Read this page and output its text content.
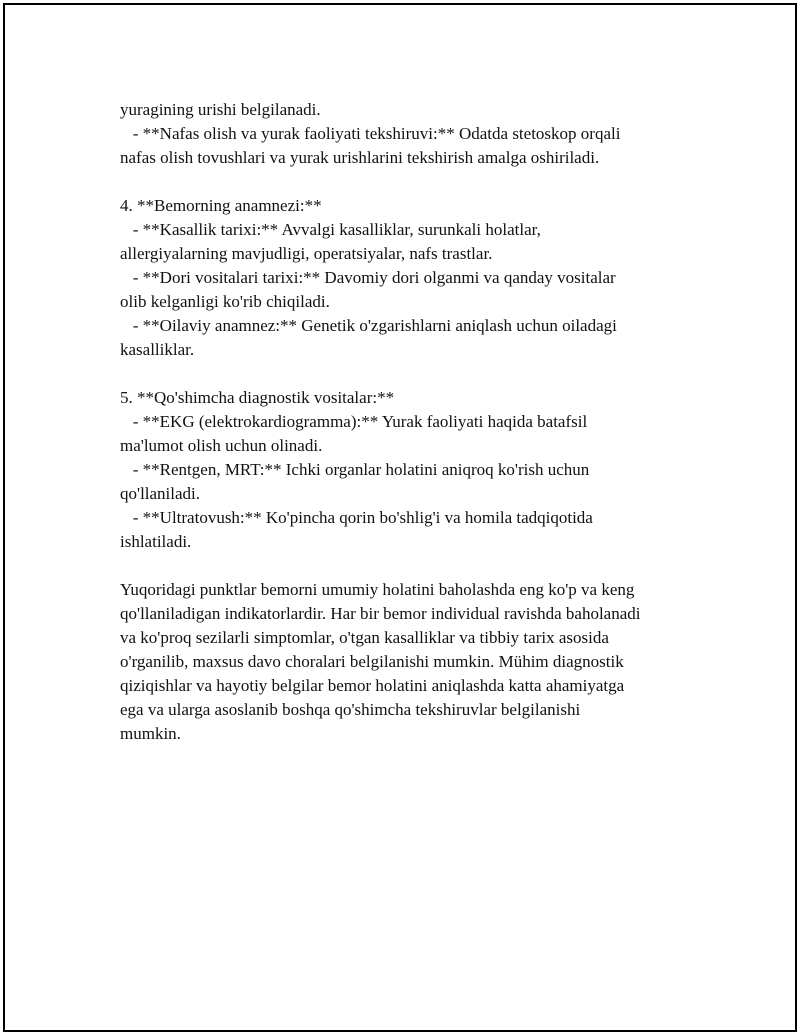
yuragining urishi belgilanadi.
- **Nafas olish va yurak faoliyati tekshiruvi:** Odatda stetoskop orqali
nafas olish tovushlari va yurak urishlarini tekshirish amalga oshiriladi.
4. **Bemorning anamnezi:**
- **Kasallik tarixi:** Avvalgi kasalliklar, surunkali holatlar,
allergiyalarning mavjudligi, operatsiyalar, nafs trastlar.
- **Dori vositalari tarixi:** Davomiy dori olganmi va qanday vositalar
olib kelganligi ko'rib chiqiladi.
- **Oilaviy anamnez:** Genetik o'zgarishlarni aniqlash uchun oiladagi
kasalliklar.
5. **Qo'shimcha diagnostik vositalar:**
- **EKG (elektrokardiogramma):** Yurak faoliyati haqida batafsil
ma'lumot olish uchun olinadi.
- **Rentgen, MRT:** Ichki organlar holatini aniqroq ko'rish uchun
qo'llaniladi.
- **Ultratovush:** Ko'pincha qorin bo'shlig'i va homila tadqiqotida
ishlatiladi.
Yuqoridagi punktlar bemorni umumiy holatini baholashda eng ko'p va keng
qo'llaniladigan indikatorlardir. Har bir bemor individual ravishda baholanadi
va ko'proq sezilarli simptomlar, o'tgan kasalliklar va tibbiy tarix asosida
o'rganilib, maxsus davo choralari belgilanishi mumkin. Mühim diagnostik
qiziqishlar va hayotiy belgilar bemor holatini aniqlashda katta ahamiyatga
ega va ularga asoslanib boshqa qo'shimcha tekshiruvlar belgilanishi
mumkin.
